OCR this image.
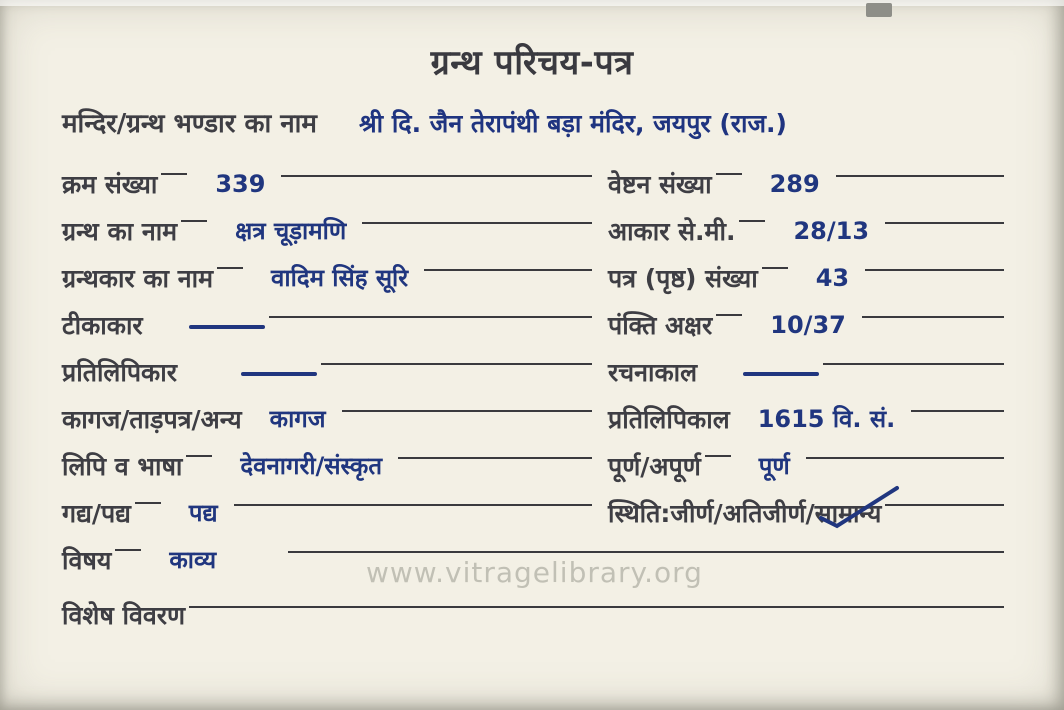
ग्रन्थ परिचय-पत्र
मन्दिर/ग्रन्थ भण्डार का नाम श्री दि. जैन तेरापंथी बड़ा मंदिर, जयपुर (राज.)
क्रम संख्या 339	वेष्टन संख्या 289
ग्रन्थ का नाम क्षत्र चूड़ामणि	आकार से.मी. 28/13
ग्रन्थकार का नाम वादिम सिंह सूरि	पत्र (पृष्ठ) संख्या 43
टीकाकार	पंक्ति अक्षर 10/37
प्रतिलिपिकार	रचनाकाल
कागज/ताड़पत्र/अन्य कागज	प्रतिलिपिकाल 1615 वि. सं.
लिपि व भाषा देवनागरी/संस्कृत	पूर्ण/अपूर्ण पूर्ण
गद्य/पद्य पद्य	स्थिति:जीर्ण/अतिजीर्ण/ सामान्य
विषय काव्य
विशेष विवरण
www.vitragelibrary.org
